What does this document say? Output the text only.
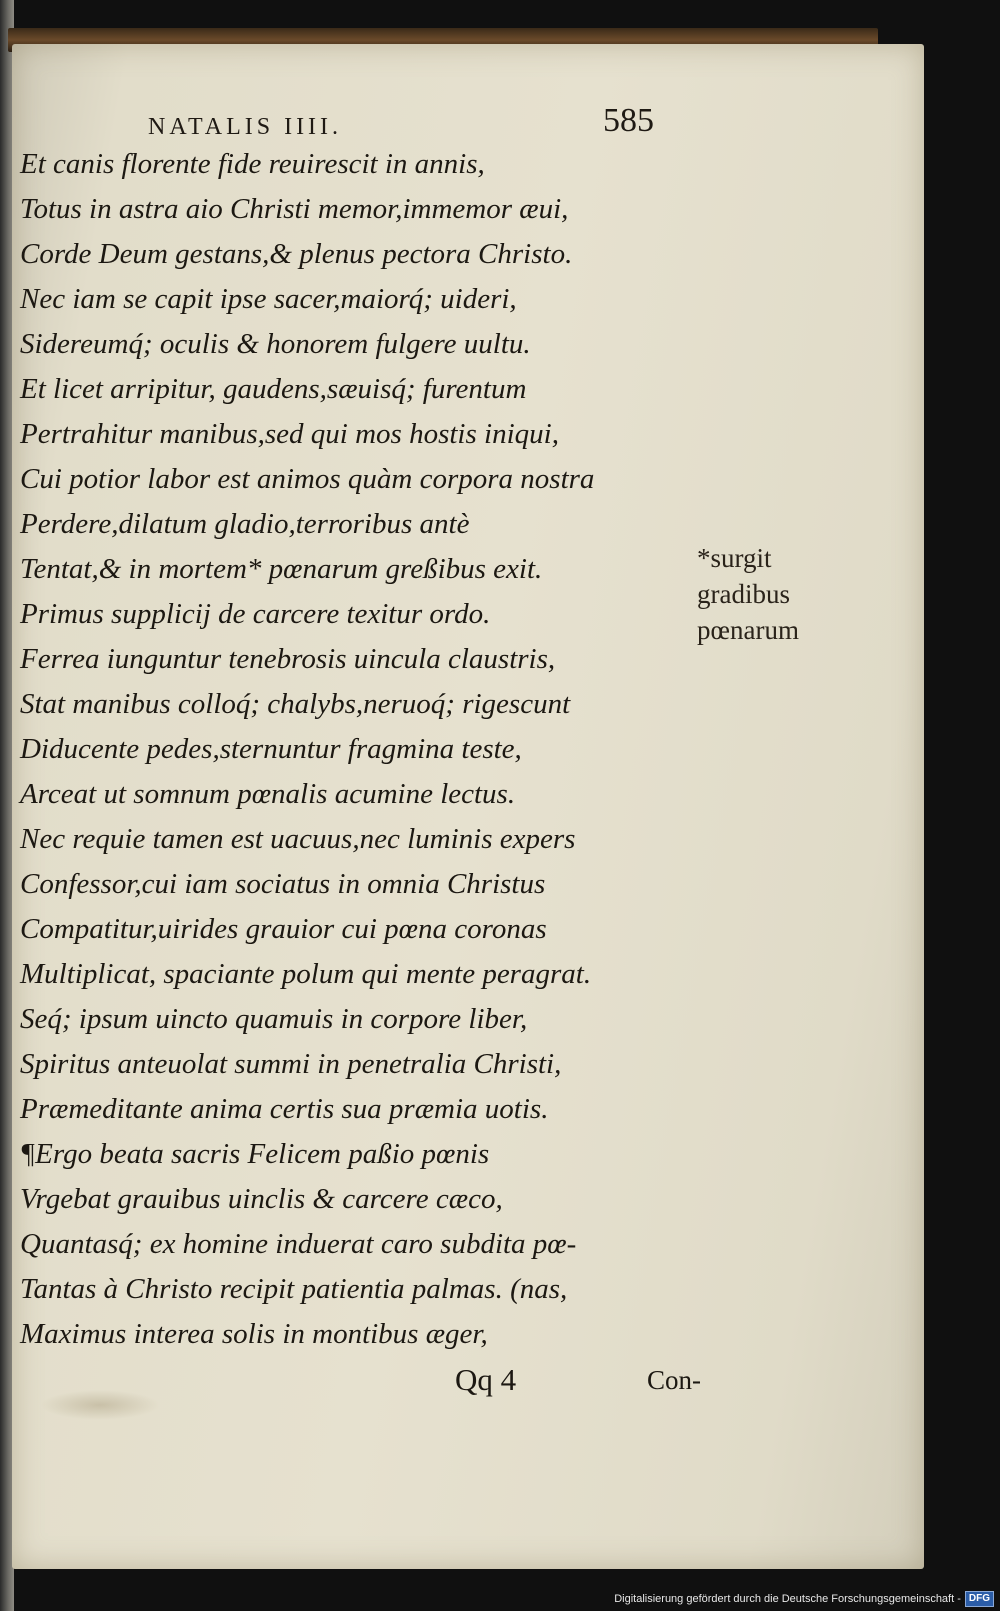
NATALIS IIII.	585
Et canis florente fide reuirescit in annis,
Totus in astra aio Christi memor,immemor æui,
Corde Deum gestans,& plenus pectora Christo.
Nec iam se capit ipse sacer,maiorq́; uideri,
Sidereumq́; oculis & honorem fulgere uultu.
Et licet arripitur, gaudens,sæuisq́; furentum
Pertrahitur manibus,sed qui mos hostis iniqui,
Cui potior labor est animos quàm corpora nostra
Perdere,dilatum gladio,terroribus antè
Tentat,& in mortem* pœnarum greßibus exit.
Primus supplicij de carcere texitur ordo.
Ferrea iunguntur tenebrosis uincula claustris,
Stat manibus colloq́; chalybs,neruoq́; rigescunt
Diducente pedes,sternuntur fragmina teste,
Arceat ut somnum pœnalis acumine lectus.
Nec requie tamen est uacuus,nec luminis expers
Confessor,cui iam sociatus in omnia Christus
Compatitur,uirides grauior cui pœna coronas
Multiplicat, spaciante polum qui mente peragrat.
Seq́; ipsum uincto quamuis in corpore liber,
Spiritus anteuolat summi in penetralia Christi,
Præmeditante anima certis sua præmia uotis.
¶Ergo beata sacris Felicem paßio pœnis
Vrgebat grauibus uinclis & carcere cæco,
Quantasq́; ex homine induerat caro subdita pœ-
Tantas à Christo recipit patientia palmas. (nas,
Maximus interea solis in montibus æger,
*surgit
gradibus
pœnarum
Qq 4	Con-
Digitalisierung gefördert durch die Deutsche Forschungsgemeinschaft - DFG
